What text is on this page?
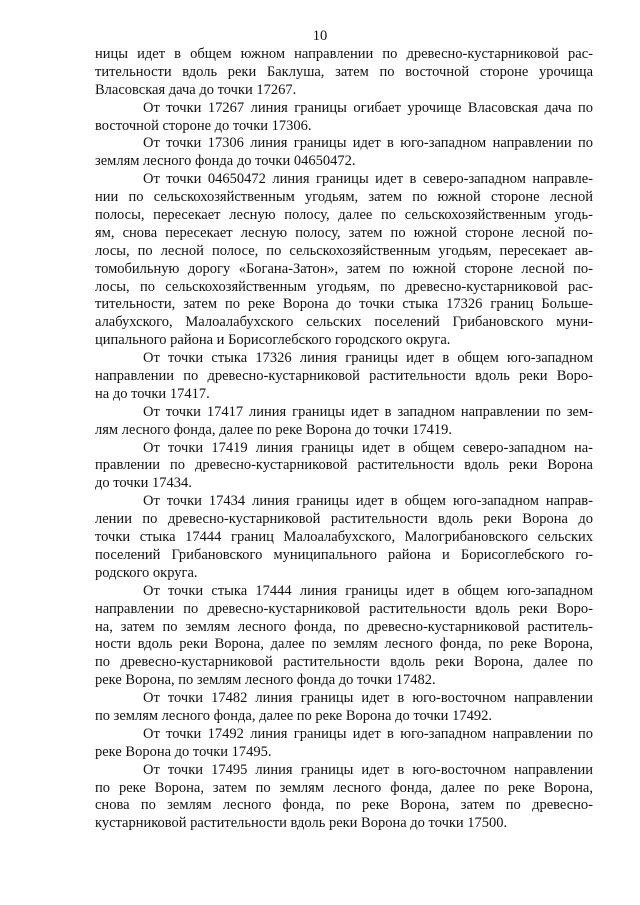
10
ницы идет в общем южном направлении по древесно-кустарниковой рас-
тительности вдоль реки Баклуша, затем по восточной стороне урочища
Власовская дача до точки 17267.
От точки 17267 линия границы огибает урочище Власовская дача по
восточной стороне до точки 17306.
От точки 17306 линия границы идет в юго-западном направлении по
землям лесного фонда до точки 04650472.
От точки 04650472 линия границы идет в северо-западном направле-
нии по сельскохозяйственным угодьям, затем по южной стороне лесной
полосы, пересекает лесную полосу, далее по сельскохозяйственным угодь-
ям, снова пересекает лесную полосу, затем по южной стороне лесной по-
лосы, по лесной полосе, по сельскохозяйственным угодьям, пересекает ав-
томобильную дорогу «Богана-Затон», затем по южной стороне лесной по-
лосы, по сельскохозяйственным угодьям, по древесно-кустарниковой рас-
тительности, затем по реке Ворона до точки стыка 17326 границ Больше-
алабухского, Малоалабухского сельских поселений Грибановского муни-
ципального района и Борисоглебского городского округа.
От точки стыка 17326 линия границы идет в общем юго-западном
направлении по древесно-кустарниковой растительности вдоль реки Воро-
на до точки 17417.
От точки 17417 линия границы идет в западном направлении по зем-
лям лесного фонда, далее по реке Ворона до точки 17419.
От точки 17419 линия границы идет в общем северо-западном на-
правлении по древесно-кустарниковой растительности вдоль реки Ворона
до точки 17434.
От точки 17434 линия границы идет в общем юго-западном направ-
лении по древесно-кустарниковой растительности вдоль реки Ворона до
точки стыка 17444 границ Малоалабухского, Малогрибановского сельских
поселений Грибановского муниципального района и Борисоглебского го-
родского округа.
От точки стыка 17444 линия границы идет в общем юго-западном
направлении по древесно-кустарниковой растительности вдоль реки Воро-
на, затем по землям лесного фонда, по древесно-кустарниковой раститель-
ности вдоль реки Ворона, далее по землям лесного фонда, по реке Ворона,
по древесно-кустарниковой растительности вдоль реки Ворона, далее по
реке Ворона, по землям лесного фонда до точки 17482.
От точки 17482 линия границы идет в юго-восточном направлении
по землям лесного фонда, далее по реке Ворона до точки 17492.
От точки 17492 линия границы идет в юго-западном направлении по
реке Ворона до точки 17495.
От точки 17495 линия границы идет в юго-восточном направлении
по реке Ворона, затем по землям лесного фонда, далее по реке Ворона,
снова по землям лесного фонда, по реке Ворона, затем по древесно-
кустарниковой растительности вдоль реки Ворона до точки 17500.
